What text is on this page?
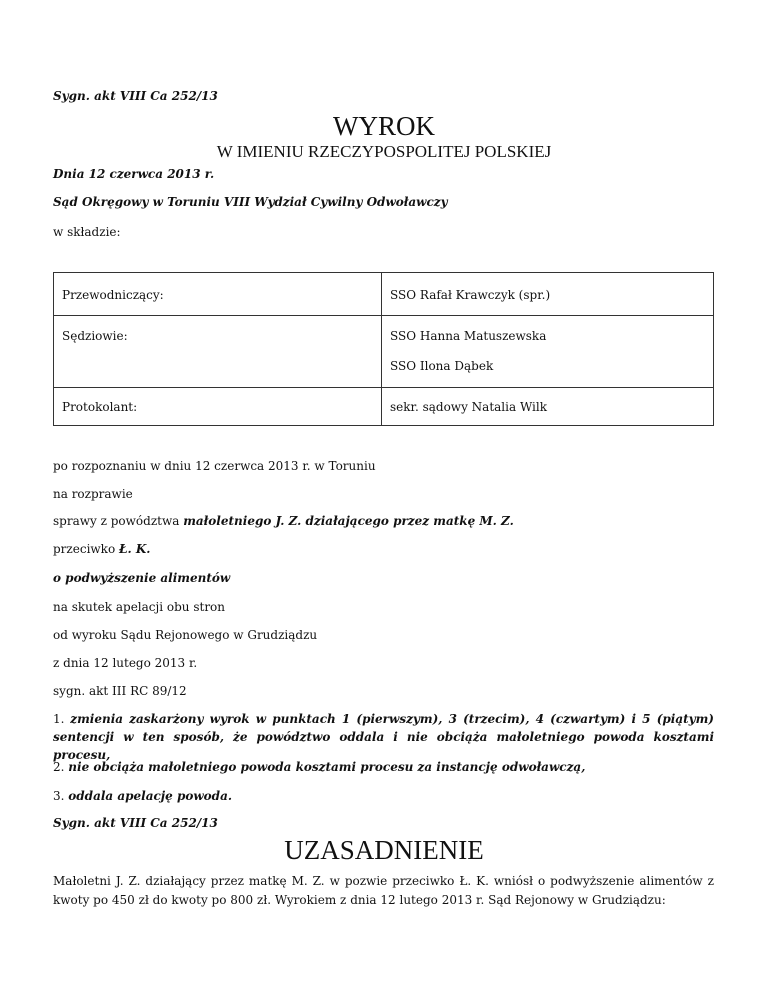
Sygn. akt VIII Ca 252/13
WYROK
W IMIENIU RZECZYPOSPOLITEJ POLSKIEJ
Dnia 12 czerwca 2013 r.
Sąd Okręgowy w Toruniu VIII Wydział Cywilny Odwoławczy
w składzie:
Przewodniczący:	SSO Rafał Krawczyk (spr.)

Sędziowie:	SSO Hanna Matuszewska
SSO Ilona Dąbek

Protokolant:	sekr. sądowy Natalia Wilk
po rozpoznaniu w dniu 12 czerwca 2013 r. w Toruniu
na rozprawie
sprawy z powództwa małoletniego J. Z. działającego przez matkę M. Z.
przeciwko Ł. K.
o podwyższenie alimentów
na skutek apelacji obu stron
od wyroku Sądu Rejonowego w Grudziądzu
z dnia 12 lutego 2013 r.
sygn. akt III RC 89/12
1. zmienia zaskarżony wyrok w punktach 1 (pierwszym), 3 (trzecim), 4 (czwartym) i 5 (piątym) sentencji w ten sposób, że powództwo oddala i nie obciąża małoletniego powoda kosztami procesu,
2. nie obciąża małoletniego powoda kosztami procesu za instancję odwoławczą,
3. oddala apelację powoda.
Sygn. akt VIII Ca 252/13
UZASADNIENIE
Małoletni J. Z. działający przez matkę M. Z. w pozwie przeciwko Ł. K. wniósł o podwyższenie alimentów z kwoty po 450 zł do kwoty po 800 zł. Wyrokiem z dnia 12 lutego 2013 r. Sąd Rejonowy w Grudziądzu:
